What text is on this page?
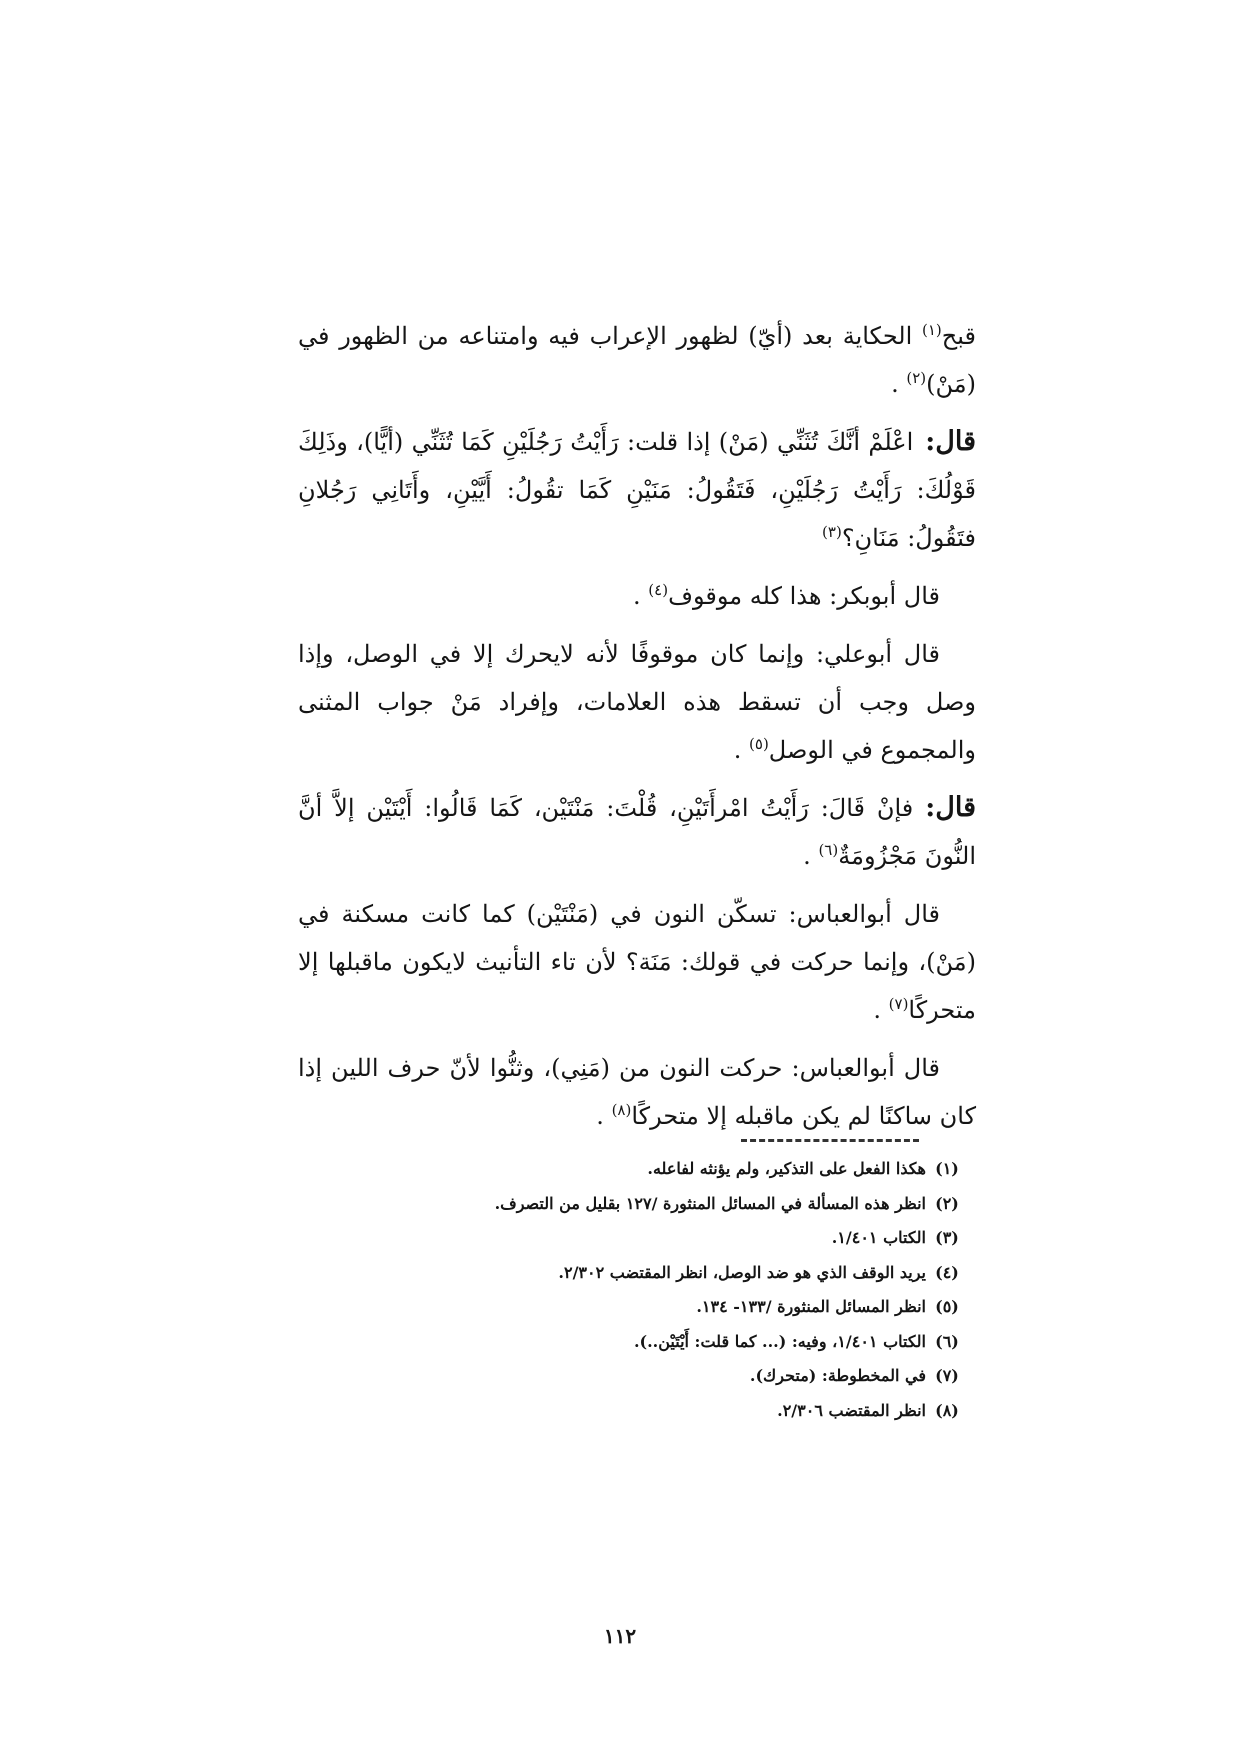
قبح$^{(١)}$ الحكاية بعد (أيّ) لظهور الإعراب فيه وامتناعه من الظهور في (مَنْ)$^{(٢)}$ .

قال:اعْلَمْ أنَّكَ تُثَنِّي (مَنْ) إذا قلت: رَأَيْتُ رَجُلَيْنِ كَمَا تُثَنِّي (أيًّا)، وذَلِكَ قَوْلُكَ: رَأَيْتُ رَجُلَيْنِ، فَتَقُولُ: مَنَيْنِ كَمَا تقُولُ: أَيَّيْنِ، وأَتَانِي رَجُلانِ فتَقُولُ: مَنَانِ؟$^{(٣)}$

قال أبوبكر: هذا كله موقوف$^{(٤)}$ .

قال أبوعلي: وإنما كان موقوفًا لأنه لايحرك إلا في الوصل، وإذا وصل وجب أن تسقط هذه العلامات، وإفراد مَنْ جواب المثنى والمجموع في الوصل$^{(٥)}$ .

قال:فإنْ قَالَ: رَأَيْتُ امْرأَتَيْنِ، قُلْتَ: مَنْتَيْن، كَمَا قَالُوا: أَيْتَيْن إلاَّ أنَّ النُّونَ مَجْزُومَةٌ$^{(٦)}$ .

قال أبوالعباس: تسكّن النون في (مَنْتَيْن) كما كانت مسكنة في (مَنْ)، وإنما حركت في قولك: مَنَة؟ لأن تاء التأنيث لايكون ماقبلها إلا متحركًا$^{(٧)}$ .

قال أبوالعباس: حركت النون من (مَنِي)، وثنُّوا لأنّ حرف اللين إذا كان ساكنًا لم يكن ماقبله إلا متحركًا$^{(٨)}$ .

(١)
هكذا الفعل على التذكير، ولم يؤنثه لفاعله.
(٢)
انظر هذه المسألة في المسائل المنثورة /١٢٧ بقليل من التصرف.
(٣)
الكتاب ١/٤٠١.
(٤)
يريد الوقف الذي هو ضد الوصل، انظر المقتضب ٢/٣٠٢.
(٥)
انظر المسائل المنثورة /١٣٣- ١٣٤.
(٦)
الكتاب ١/٤٠١، وفيه: (... كما قلت: أَيْتَيْن..).
(٧)
في المخطوطة: (متحرك).
(٨)
انظر المقتضب ٢/٣٠٦.
١١٢
